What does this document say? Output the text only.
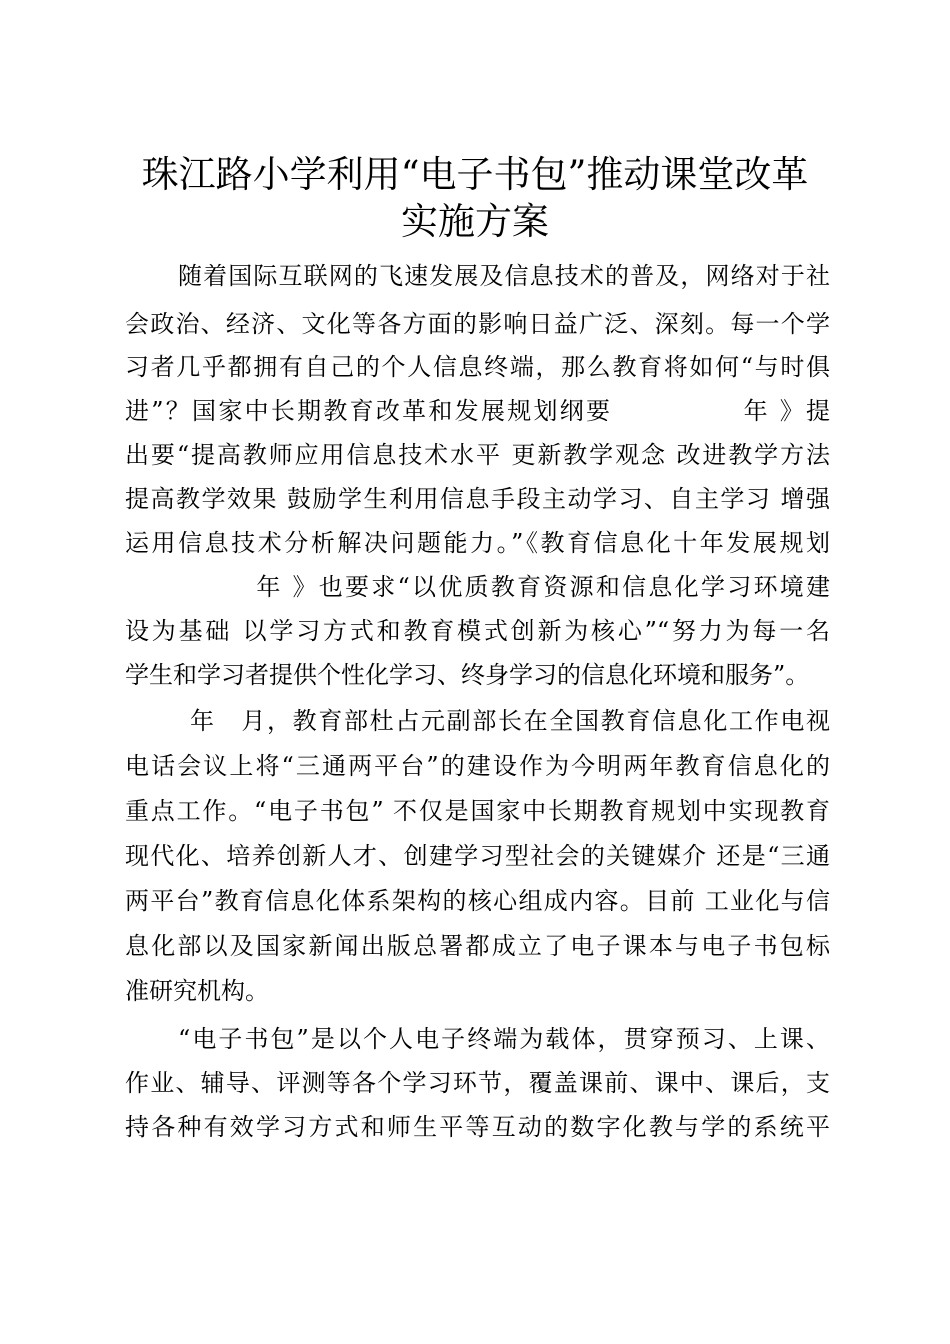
珠江路小学利用“电子书包”推动课堂改革
实施方案
随着国际互联网的飞速发展及信息技术的普及，网络对于社
会政治、经济、文化等各方面的影响日益广泛、深刻。每一个学
习者几乎都拥有自己的个人信息终端，那么教育将如何“与时俱
进”？国家中长期教育改革和发展规划纲要　　　　　年 》提
出要“提高教师应用信息技术水平 更新教学观念 改进教学方法
提高教学效果 鼓励学生利用信息手段主动学习、自主学习 增强
运用信息技术分析解决问题能力。”《教育信息化十年发展规划
　　　　　年 》也要求“以优质教育资源和信息化学习环境建
设为基础 以学习方式和教育模式创新为核心”“努力为每一名
学生和学习者提供个性化学习、终身学习的信息化环境和服务”。
年　月，教育部杜占元副部长在全国教育信息化工作电视
电话会议上将“三通两平台”的建设作为今明两年教育信息化的
重点工作。“电子书包” 不仅是国家中长期教育规划中实现教育
现代化、培养创新人才、创建学习型社会的关键媒介 还是“三通
两平台”教育信息化体系架构的核心组成内容。目前 工业化与信
息化部以及国家新闻出版总署都成立了电子课本与电子书包标
准研究机构。
“电子书包”是以个人电子终端为载体，贯穿预习、上课、
作业、辅导、评测等各个学习环节，覆盖课前、课中、课后，支
持各种有效学习方式和师生平等互动的数字化教与学的系统平
